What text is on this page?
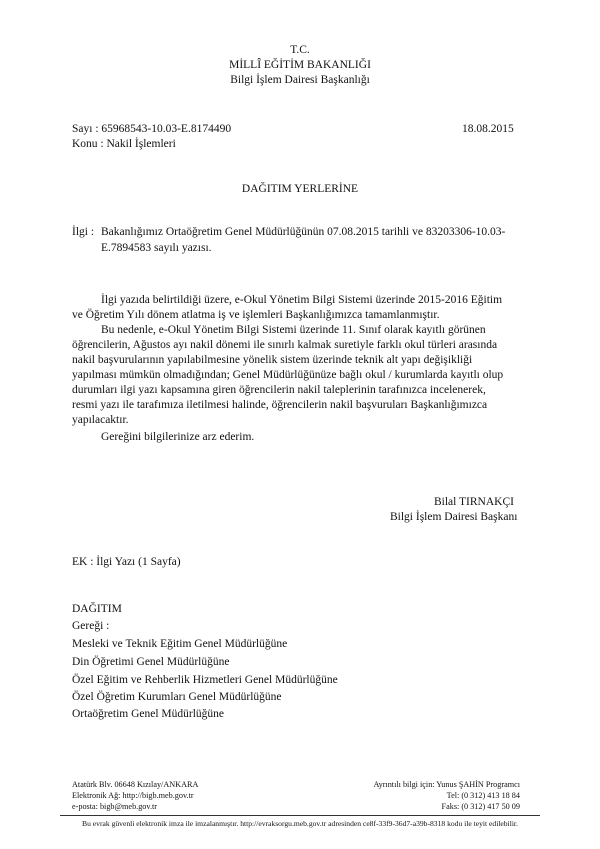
T.C.
MİLLÎ EĞİTİM BAKANLIĞI
Bilgi İşlem Dairesi Başkanlığı
Sayı : 65968543-10.03-E.8174490	18.08.2015
Konu : Nakil İşlemleri
DAĞITIM YERLERİNE
İlgi : Bakanlığımız Ortaöğretim Genel Müdürlüğünün 07.08.2015 tarihli ve 83203306-10.03-
E.7894583 sayılı yazısı.
İlgi yazıda belirtildiği üzere, e-Okul Yönetim Bilgi Sistemi üzerinde 2015-2016 Eğitim
ve Öğretim Yılı dönem atlatma iş ve işlemleri Başkanlığımızca tamamlanmıştır.
Bu nedenle, e-Okul Yönetim Bilgi Sistemi üzerinde 11. Sınıf olarak kayıtlı görünen
öğrencilerin, Ağustos ayı nakil dönemi ile sınırlı kalmak suretiyle farklı okul türleri arasında
nakil başvurularının yapılabilmesine yönelik sistem üzerinde teknik alt yapı değişikliği
yapılması mümkün olmadığından; Genel Müdürlüğünüze bağlı okul / kurumlarda kayıtlı olup
durumları ilgi yazı kapsamına giren öğrencilerin nakil taleplerinin tarafınızca incelenerek,
resmi yazı ile tarafımıza iletilmesi halinde, öğrencilerin nakil başvuruları Başkanlığımızca
yapılacaktır.
Gereğini bilgilerinize arz ederim.
Bilal TIRNAKÇI
Bilgi İşlem Dairesi Başkanı
EK : İlgi Yazı (1 Sayfa)
DAĞITIM
Gereği :
Mesleki ve Teknik Eğitim Genel Müdürlüğüne
Din Öğretimi Genel Müdürlüğüne
Özel Eğitim ve Rehberlik Hizmetleri Genel Müdürlüğüne
Özel Öğretim Kurumları Genel Müdürlüğüne
Ortaöğretim Genel Müdürlüğüne
Atatürk Blv. 06648 Kızılay/ANKARA
Elektronik Ağ: http://bigb.meb.gov.tr
e-posta: bigb@meb.gov.tr
Ayrıntılı bilgi için: Yunus ŞAHİN Programcı
Tel: (0 312) 413 18 84
Faks: (0 312) 417 50 09
Bu evrak güvenli elektronik imza ile imzalanmıştır. http://evraksorgu.meb.gov.tr adresinden ce8f-33f9-36d7-a39b-8318 kodu ile teyit edilebilir.
